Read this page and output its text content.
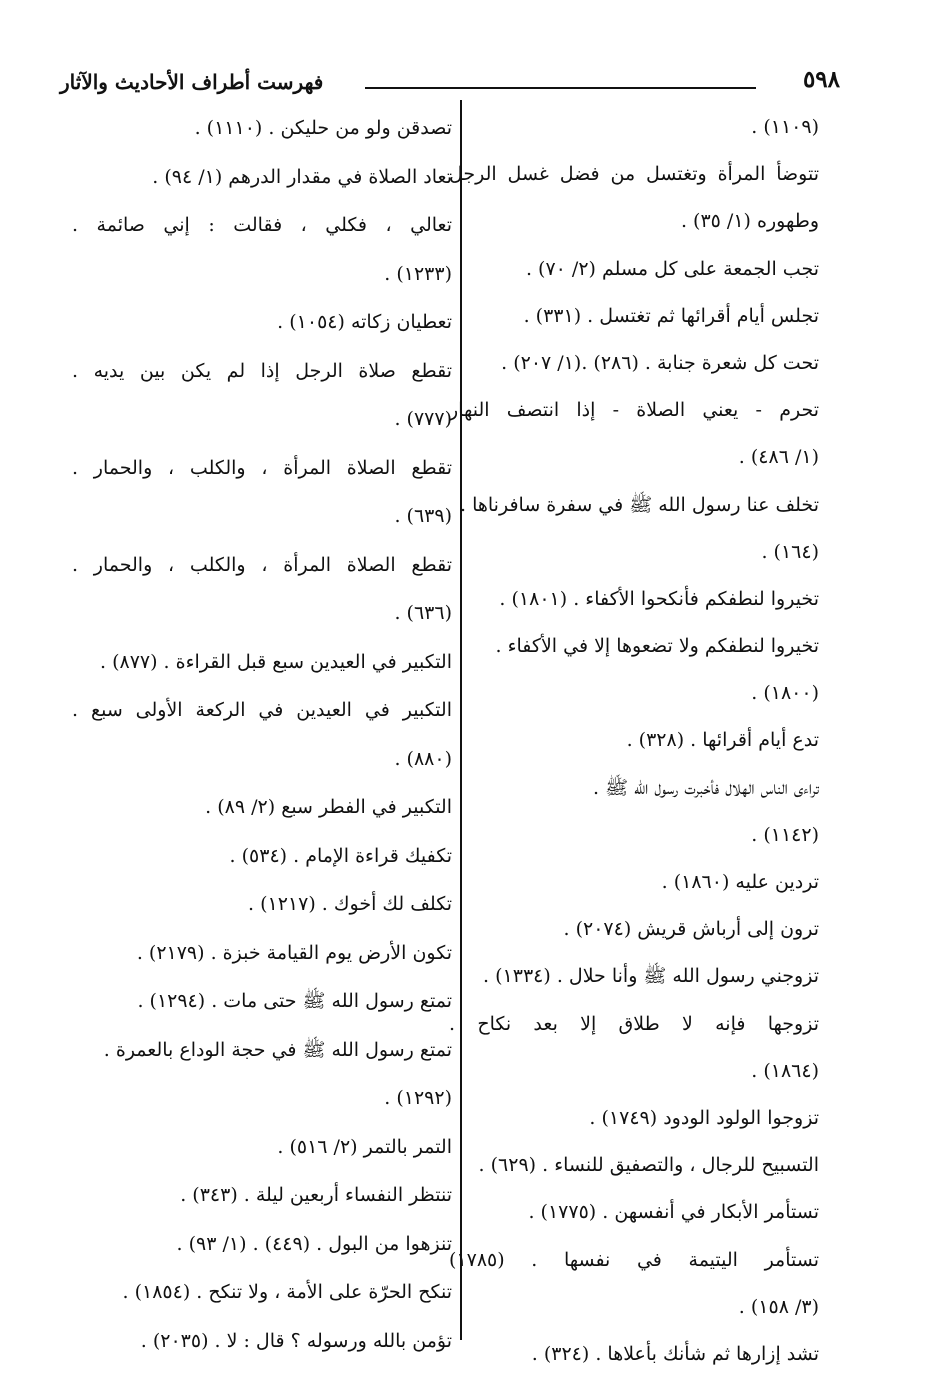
فهرست أطراف الأحاديث والآثار	٥٩٨
(١١٠٩) .
تتوضأ المرأة وتغتسل من فضل غسل الرجل
وطهوره (١/ ٣٥) .
تجب الجمعة على كل مسلم (٢/ ٧٠) .
تجلس أيام أقرائها ثم تغتسل . (٣٣١) .
تحت كل شعرة جنابة . (٢٨٦) .(١/ ٢٠٧) .
تحرم - يعني الصلاة - إذا انتصف النهار
(١/ ٤٨٦) .
تخلف عنا رسول الله ﷺ في سفرة سافرناها .
(١٦٤) .
تخيروا لنطفكم فأنكحوا الأكفاء . (١٨٠١) .
تخيروا لنطفكم ولا تضعوها إلا في الأكفاء .
(١٨٠٠) .
تدع أيام أقرائها . (٣٢٨) .
تراءى الناس الهلال فأخبرت رسول الله ﷺ .
(١١٤٢) .
تردين عليه (١٨٦٠) .
ترون إلى أرباش قريش (٢٠٧٤) .
تزوجني رسول الله ﷺ وأنا حلال . (١٣٣٤) .
تزوجها فإنه لا طلاق إلا بعد نكاح .
(١٨٦٤) .
تزوجوا الولود الودود (١٧٤٩) .
التسبيح للرجال ، والتصفيق للنساء . (٦٢٩) .
تستأمر الأبكار في أنفسهن . (١٧٧٥) .
تستأمر اليتيمة في نفسها . (١٧٨٥)
(٣/ ١٥٨) .
تشد إزارها ثم شأنك بأعلاها . (٣٢٤) .
تصدقن ولو من حليكن . (١١١٠) .
تعاد الصلاة في مقدار الدرهم (١/ ٩٤) .
تعالي ، فكلي ، فقالت : إني صائمة .
(١٢٣٣) .
تعطيان زكاته (١٠٥٤) .
تقطع صلاة الرجل إذا لم يكن بين يديه .
(٧٧٧) .
تقطع الصلاة المرأة ، والكلب ، والحمار .
(٦٣٩) .
تقطع الصلاة المرأة ، والكلب ، والحمار .
(٦٣٦) .
التكبير في العيدين سبع قبل القراءة . (٨٧٧) .
التكبير في العيدين في الركعة الأولى سبع .
(٨٨٠) .
التكبير في الفطر سبع (٢/ ٨٩) .
تكفيك قراءة الإمام . (٥٣٤) .
تكلف لك أخوك . (١٢١٧) .
تكون الأرض يوم القيامة خبزة . (٢١٧٩) .
تمتع رسول الله ﷺ حتى مات . (١٢٩٤) .
تمتع رسول الله ﷺ في حجة الوداع بالعمرة .
(١٢٩٢) .
التمر بالتمر (٢/ ٥١٦) .
تنتظر النفساء أربعين ليلة . (٣٤٣) .
تنزهوا من البول . (٤٤٩) . (١/ ٩٣) .
تنكح الحرّة على الأمة ، ولا تنكح . (١٨٥٤) .
تؤمن بالله ورسوله ؟ قال : لا . (٢٠٣٥) .
